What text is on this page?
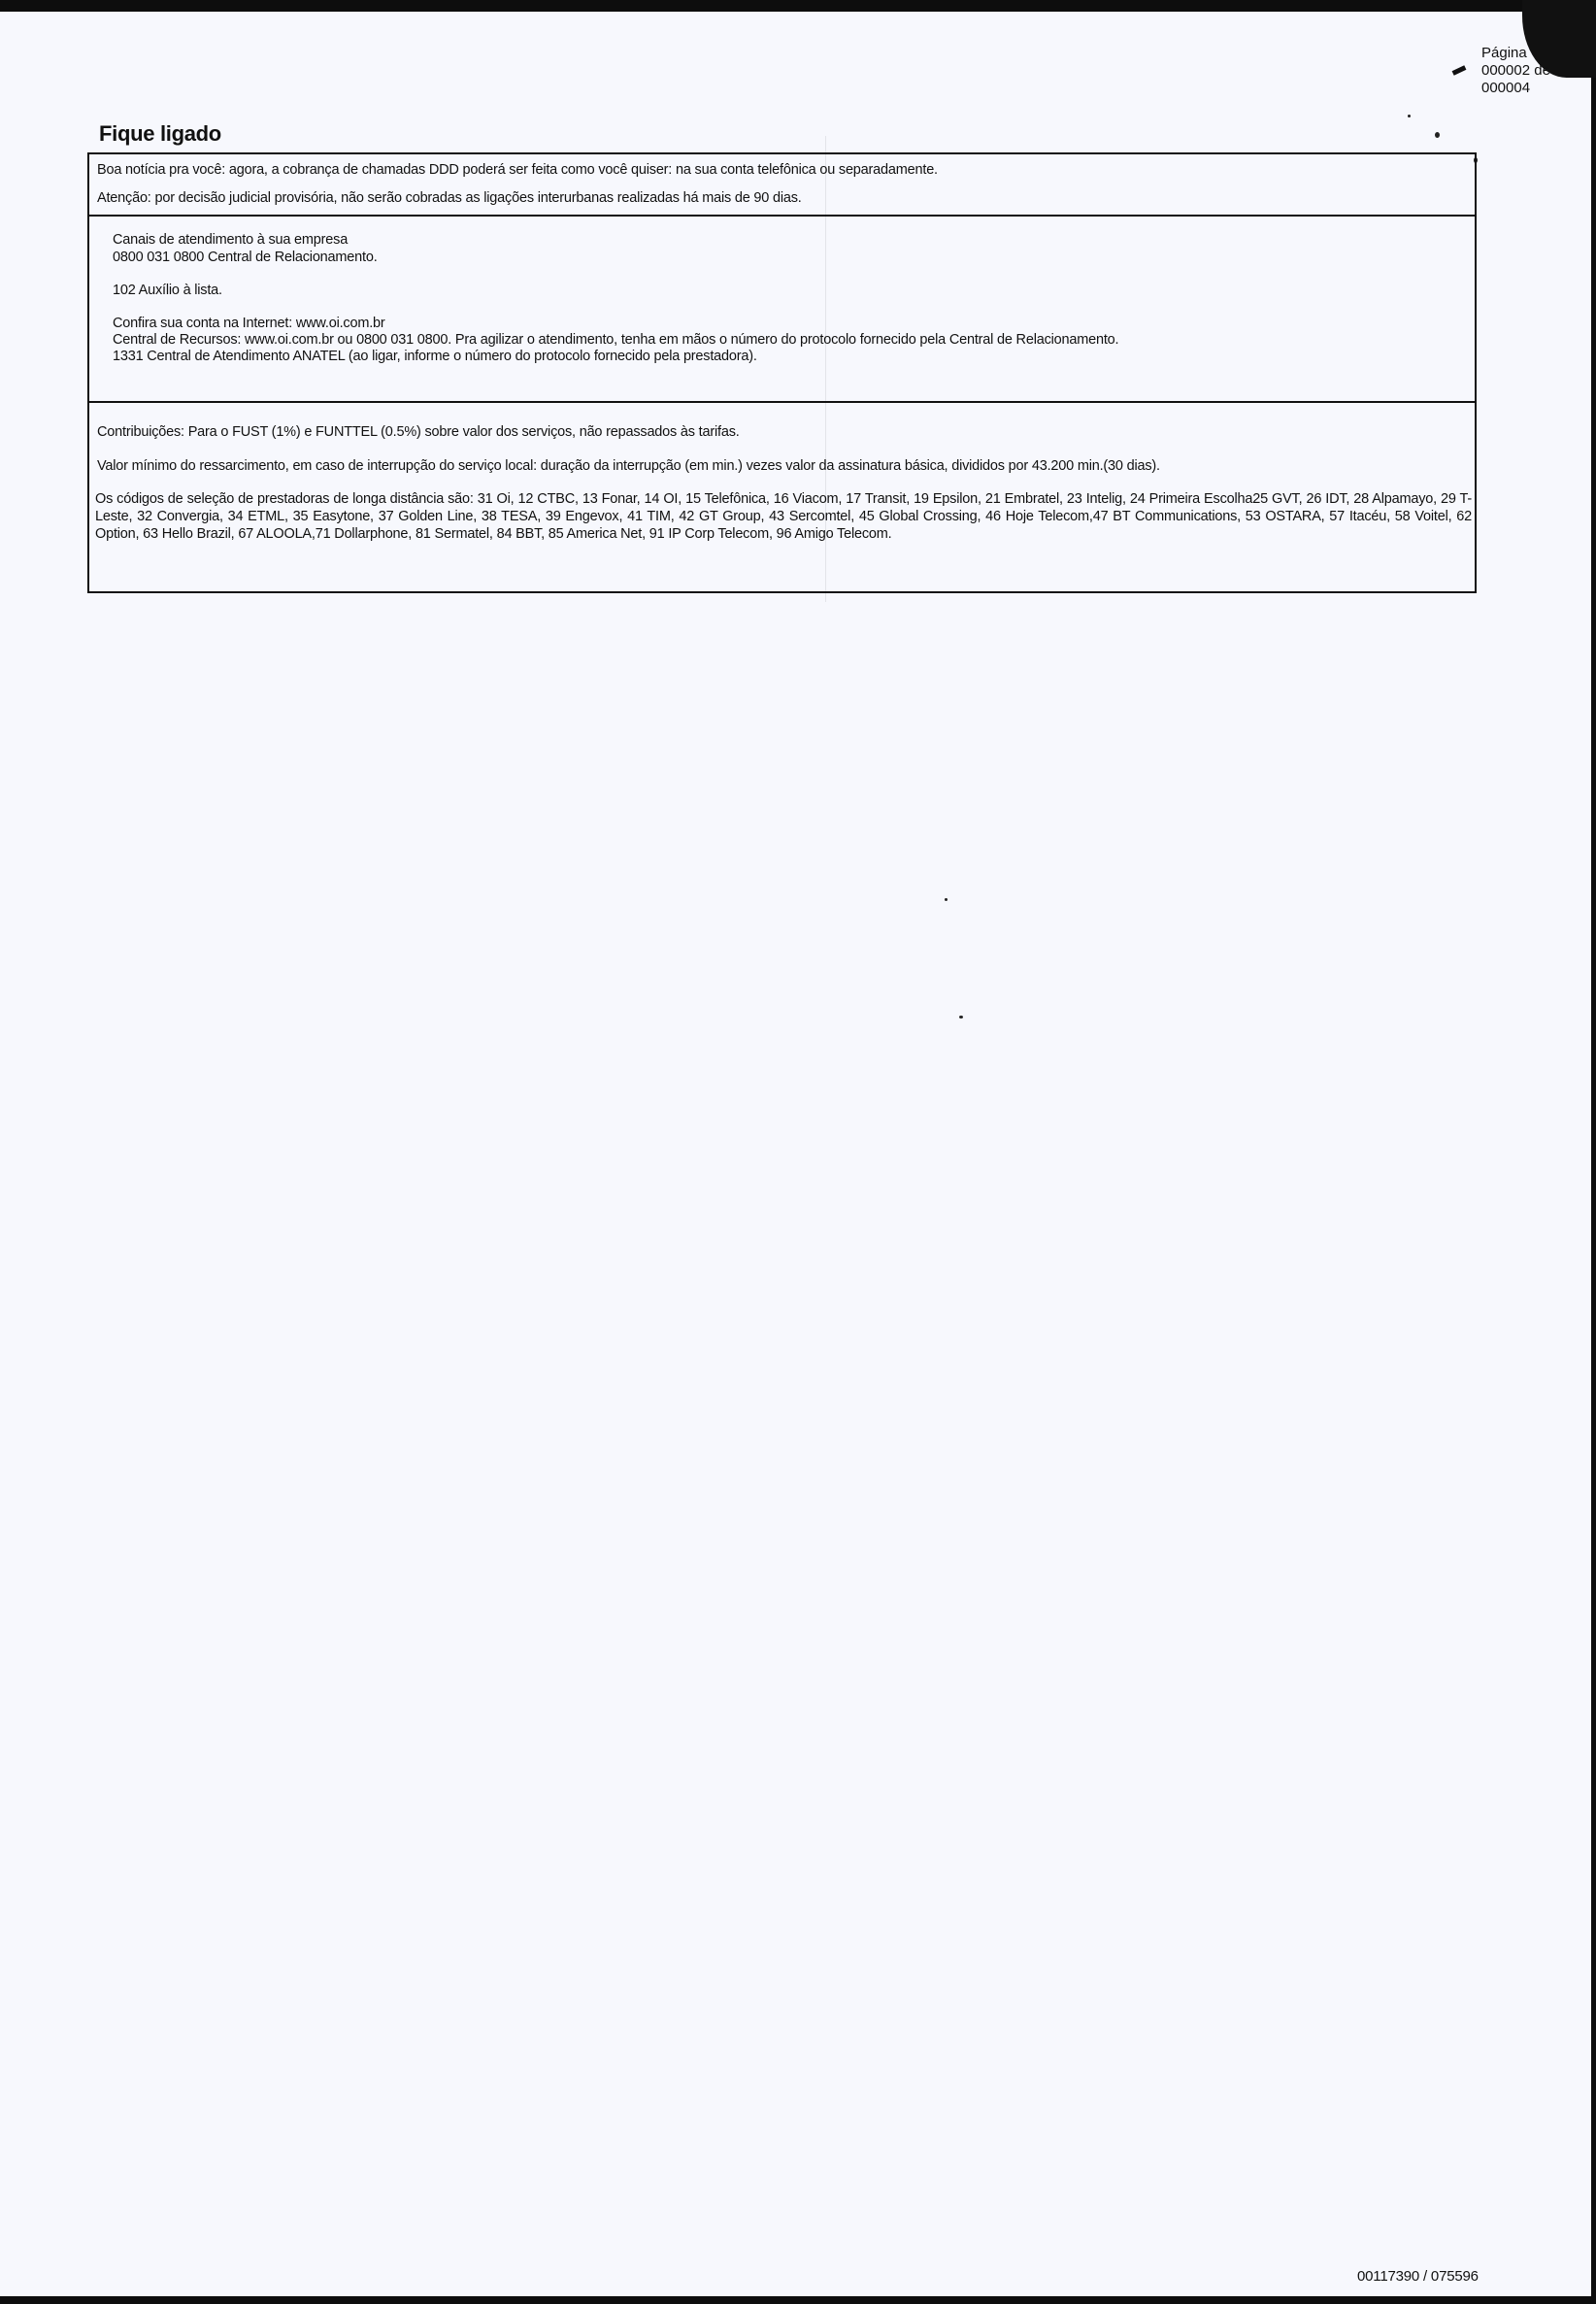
Página
000002 de
000004
Fique ligado
Boa notícia pra você: agora, a cobrança de chamadas DDD poderá ser feita como você quiser: na sua conta telefônica ou separadamente.
Atenção: por decisão judicial provisória, não serão cobradas as ligações interurbanas realizadas há mais de 90 dias.
Canais de atendimento à sua empresa
0800 031 0800 Central de Relacionamento.
102 Auxílio à lista.
Confira sua conta na Internet: www.oi.com.br
Central de Recursos: www.oi.com.br ou 0800 031 0800. Pra agilizar o atendimento, tenha em mãos o número do protocolo fornecido pela Central de Relacionamento.
1331 Central de Atendimento ANATEL (ao ligar, informe o número do protocolo fornecido pela prestadora).
Contribuições: Para o FUST (1%) e FUNTTEL (0.5%) sobre valor dos serviços, não repassados às tarifas.
Valor mínimo do ressarcimento, em caso de interrupção do serviço local: duração da interrupção (em min.) vezes valor da assinatura básica, divididos por 43.200 min.(30 dias).
Os códigos de seleção de prestadoras de longa distância são: 31 Oi, 12 CTBC, 13 Fonar, 14 OI, 15 Telefônica, 16 Viacom, 17 Transit, 19 Epsilon, 21 Embratel, 23 Intelig, 24 Primeira Escolha25 GVT, 26 IDT, 28 Alpamayo, 29 T-Leste, 32 Convergia, 34 ETML, 35 Easytone, 37 Golden Line, 38 TESA, 39 Engevox, 41 TIM, 42 GT Group, 43 Sercomtel, 45 Global Crossing, 46 Hoje Telecom,47 BT Communications, 53 OSTARA, 57 Itacéu, 58 Voitel, 62 Option, 63 Hello Brazil, 67 ALOOLA,71 Dollarphone, 81 Sermatel, 84 BBT, 85 America Net, 91 IP Corp Telecom, 96 Amigo Telecom.
00117390 / 075596
